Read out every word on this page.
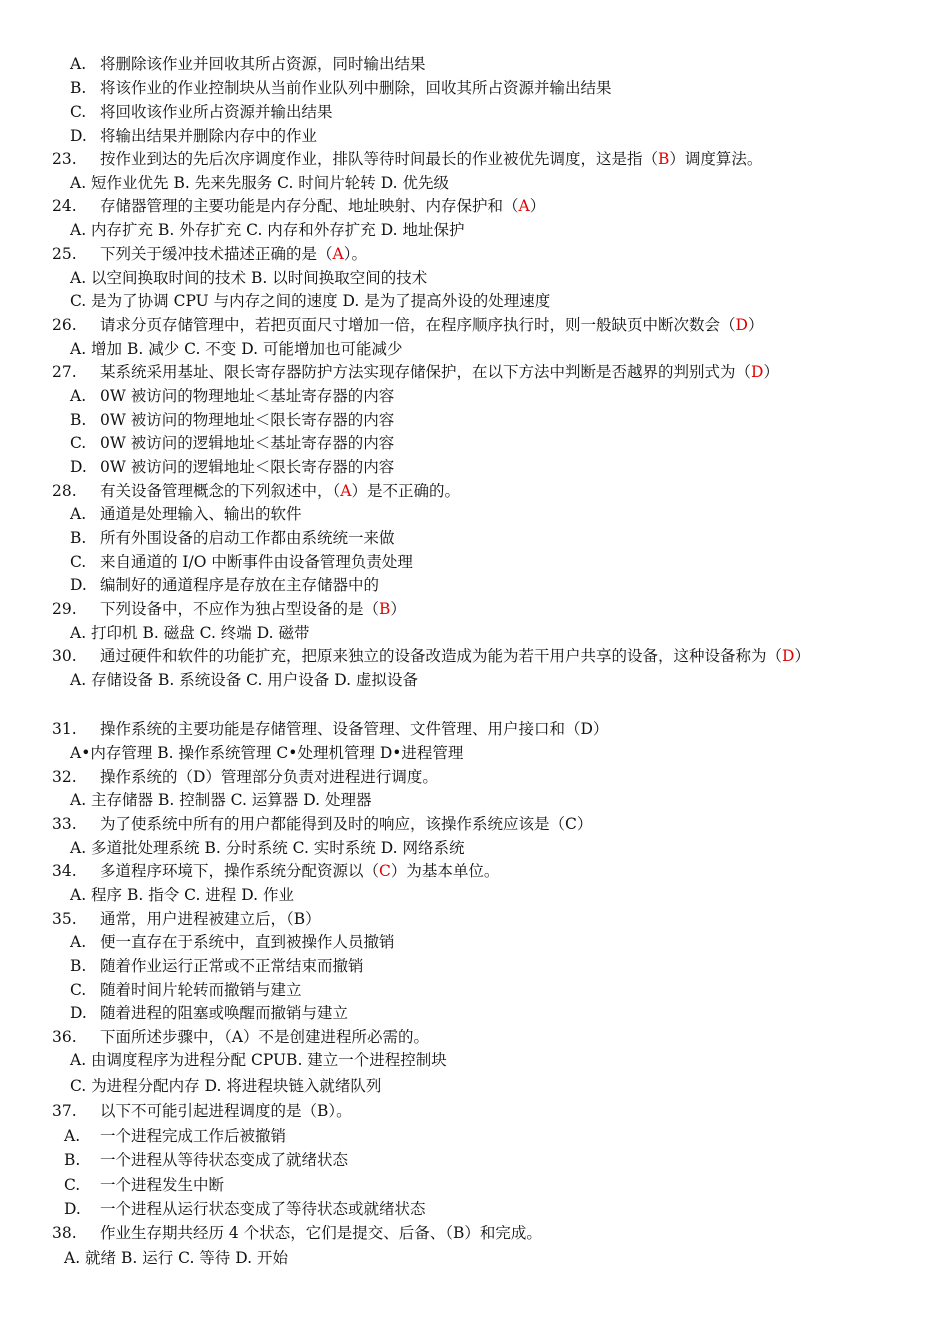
A. 将删除该作业并回收其所占资源，同时输出结果
B. 将该作业的作业控制块从当前作业队列中删除，回收其所占资源并输出结果
C. 将回收该作业所占资源并输出结果
D. 将输出结果并删除内存中的作业
23. 按作业到达的先后次序调度作业，排队等待时间最长的作业被优先调度，这是指（B）调度算法。
A. 短作业优先 B. 先来先服务 C. 时间片轮转 D. 优先级
24. 存储器管理的主要功能是内存分配、地址映射、内存保护和（A）
A. 内存扩充 B. 外存扩充 C. 内存和外存扩充 D. 地址保护
25. 下列关于缓冲技术描述正确的是（A）。
A. 以空间换取时间的技术 B. 以时间换取空间的技术
C. 是为了协调 CPU 与内存之间的速度 D. 是为了提高外设的处理速度
26. 请求分页存储管理中，若把页面尺寸增加一倍，在程序顺序执行时，则一般缺页中断次数会（D）
A. 增加 B. 减少 C. 不变 D. 可能增加也可能减少
27. 某系统采用基址、限长寄存器防护方法实现存储保护，在以下方法中判断是否越界的判别式为（D）
A. 0W 被访问的物理地址＜基址寄存器的内容
B. 0W 被访问的物理地址＜限长寄存器的内容
C. 0W 被访问的逻辑地址＜基址寄存器的内容
D. 0W 被访问的逻辑地址＜限长寄存器的内容
28. 有关设备管理概念的下列叙述中，（A）是不正确的。
A. 通道是处理输入、输出的软件
B. 所有外围设备的启动工作都由系统统一来做
C. 来自通道的 I/O 中断事件由设备管理负责处理
D. 编制好的通道程序是存放在主存储器中的
29. 下列设备中，不应作为独占型设备的是（B）
A. 打印机 B. 磁盘 C. 终端 D. 磁带
30. 通过硬件和软件的功能扩充，把原来独立的设备改造成为能为若干用户共享的设备，这种设备称为（D）
A. 存储设备 B. 系统设备 C. 用户设备 D. 虚拟设备
31. 操作系统的主要功能是存储管理、设备管理、文件管理、用户接口和（D）
A•内存管理 B. 操作系统管理 C•处理机管理 D•进程管理
32. 操作系统的（D）管理部分负责对进程进行调度。
A. 主存储器 B. 控制器 C. 运算器 D. 处理器
33. 为了使系统中所有的用户都能得到及时的响应，该操作系统应该是（C）
A. 多道批处理系统 B. 分时系统 C. 实时系统 D. 网络系统
34. 多道程序环境下，操作系统分配资源以（C）为基本单位。
A. 程序 B. 指令 C. 进程 D. 作业
35. 通常，用户进程被建立后，（B）
A. 便一直存在于系统中，直到被操作人员撤销
B. 随着作业运行正常或不正常结束而撤销
C. 随着时间片轮转而撤销与建立
D. 随着进程的阻塞或唤醒而撤销与建立
36. 下面所述步骤中，（A）不是创建进程所必需的。
A. 由调度程序为进程分配 CPUB. 建立一个进程控制块
C. 为进程分配内存 D. 将进程块链入就绪队列
37. 以下不可能引起进程调度的是（B）。
A. 一个进程完成工作后被撤销
B. 一个进程从等待状态变成了就绪状态
C. 一个进程发生中断
D. 一个进程从运行状态变成了等待状态或就绪状态
38. 作业生存期共经历 4 个状态，它们是提交、后备、（B）和完成。
A. 就绪 B. 运行 C. 等待 D. 开始
